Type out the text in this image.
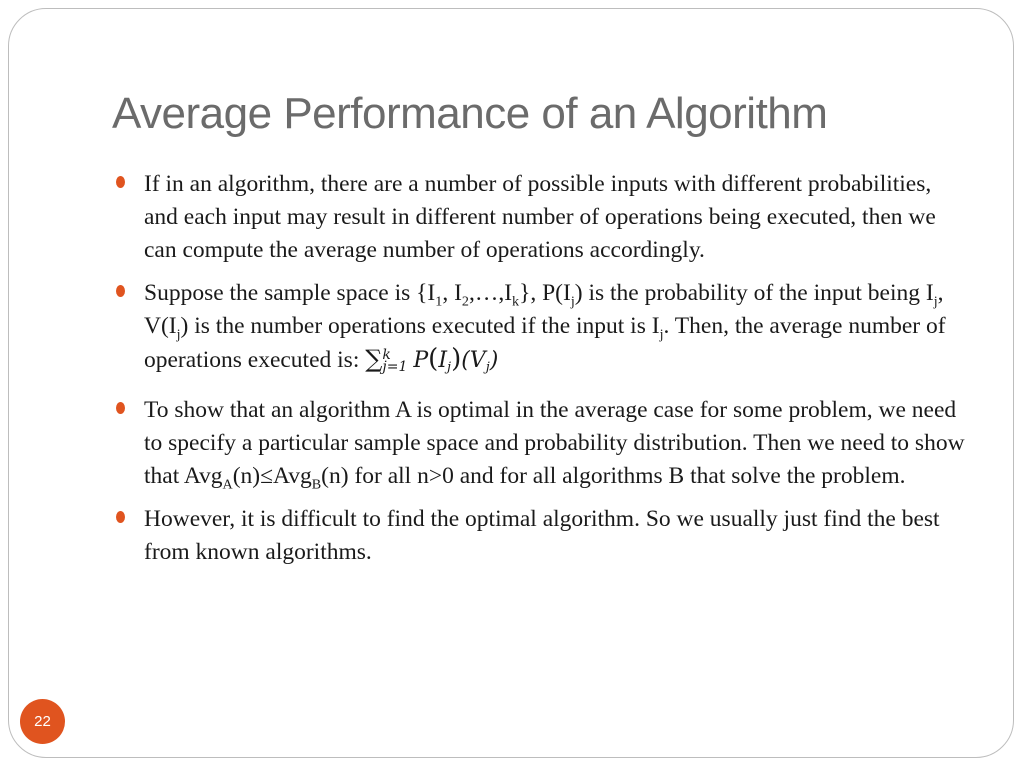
Average Performance of an Algorithm
If in an algorithm, there are a number of possible inputs with different probabilities, and each input may result in different number of operations being executed, then we can compute the average number of operations accordingly.
Suppose the sample space is {$I_1$, $I_2,\dots,I_k$}, $P(I_j)$ is the probability of the input being $I_j$, $V(I_j)$ is the number operations executed if the input is $I_j$. Then, the average number of operations executed is: ∑ k
j=1 P(Ij)(Vj)
To show that an algorithm A is optimal in the average case for some problem, we need to specify a particular sample space and probability distribution. Then we need to show that Avg$_A$(n)≤Avg$_B$(n) for all n>0 and for all algorithms B that solve the problem.
However, it is difficult to find the optimal algorithm. So we usually just find the best from known algorithms.
22
